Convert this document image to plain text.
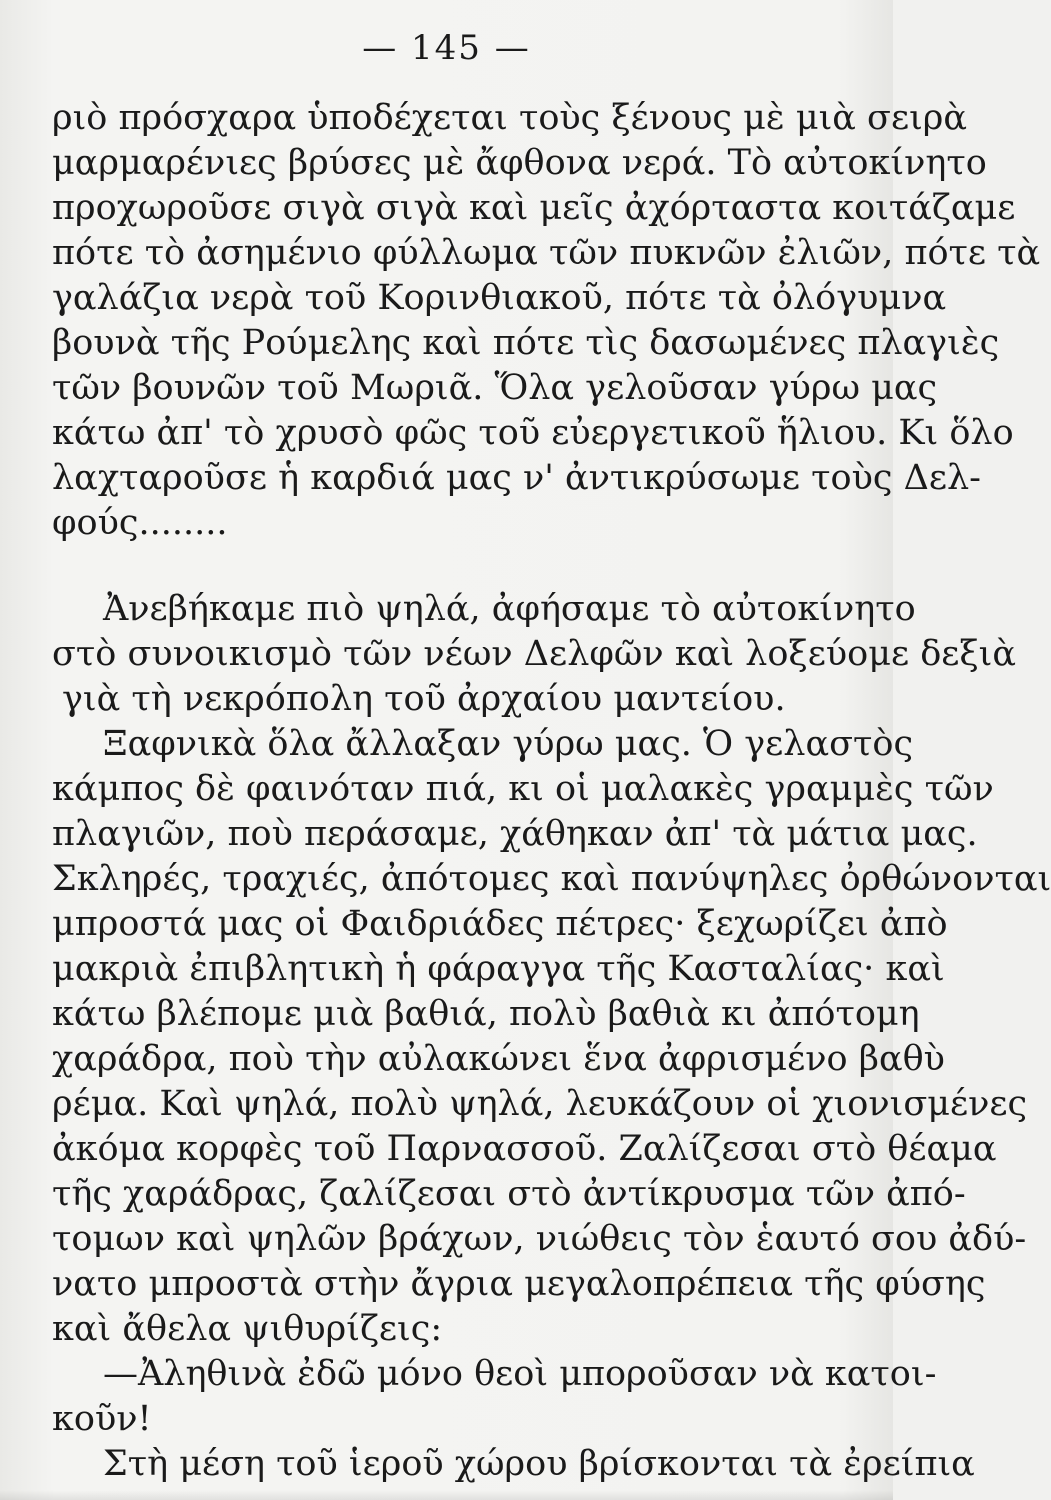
— 145 —
ριὸ πρόσχαρα ὑποδέχεται τοὺς ξένους μὲ μιὰ σειρὰ
μαρμαρένιες βρύσες μὲ ἄφθονα νερά. Τὸ αὐτοκίνητο
προχωροῦσε σιγὰ σιγὰ καὶ μεῖς ἀχόρταστα κοιτάζαμε
πότε τὸ ἀσημένιο φύλλωμα τῶν πυκνῶν ἐλιῶν, πότε τὰ
γαλάζια νερὰ τοῦ Κορινθιακοῦ, πότε τὰ ὀλόγυμνα
βουνὰ τῆς Ρούμελης καὶ πότε τὶς δασωμένες πλαγιὲς
τῶν βουνῶν τοῦ Μωριᾶ. Ὅλα γελοῦσαν γύρω μας
κάτω ἀπ' τὸ χρυσὸ φῶς τοῦ εὐεργετικοῦ ἥλιου. Κι ὅλο
λαχταροῦσε ἡ καρδιά μας ν' ἀντικρύσωμε τοὺς Δελ-
φούς........
Ἀνεβήκαμε πιὸ ψηλά, ἀφήσαμε τὸ αὐτοκίνητο
στὸ συνοικισμὸ τῶν νέων Δελφῶν καὶ λοξεύομε δεξιὰ
γιὰ τὴ νεκρόπολη τοῦ ἀρχαίου μαντείου.
Ξαφνικὰ ὅλα ἄλλαξαν γύρω μας. Ὁ γελαστὸς
κάμπος δὲ φαινόταν πιά, κι οἱ μαλακὲς γραμμὲς τῶν
πλαγιῶν, ποὺ περάσαμε, χάθηκαν ἀπ' τὰ μάτια μας.
Σκληρές, τραχιές, ἀπότομες καὶ πανύψηλες ὀρθώνονται
μπροστά μας οἱ Φαιδριάδες πέτρες· ξεχωρίζει ἀπὸ
μακριὰ ἐπιβλητικὴ ἡ φάραγγα τῆς Κασταλίας· καὶ
κάτω βλέπομε μιὰ βαθιά, πολὺ βαθιὰ κι ἀπότομη
χαράδρα, ποὺ τὴν αὐλακώνει ἕνα ἀφρισμένο βαθὺ
ρέμα. Καὶ ψηλά, πολὺ ψηλά, λευκάζουν οἱ χιονισμένες
ἀκόμα κορφὲς τοῦ Παρνασσοῦ. Ζαλίζεσαι στὸ θέαμα
τῆς χαράδρας, ζαλίζεσαι στὸ ἀντίκρυσμα τῶν ἀπό-
τομων καὶ ψηλῶν βράχων, νιώθεις τὸν ἑαυτό σου ἀδύ-
νατο μπροστὰ στὴν ἄγρια μεγαλοπρέπεια τῆς φύσης
καὶ ἄθελα ψιθυρίζεις:
—Ἀληθινὰ ἐδῶ μόνο θεοὶ μποροῦσαν νὰ κατοι-
κοῦν!
Στὴ μέση τοῦ ἱεροῦ χώρου βρίσκονται τὰ ἐρείπια
